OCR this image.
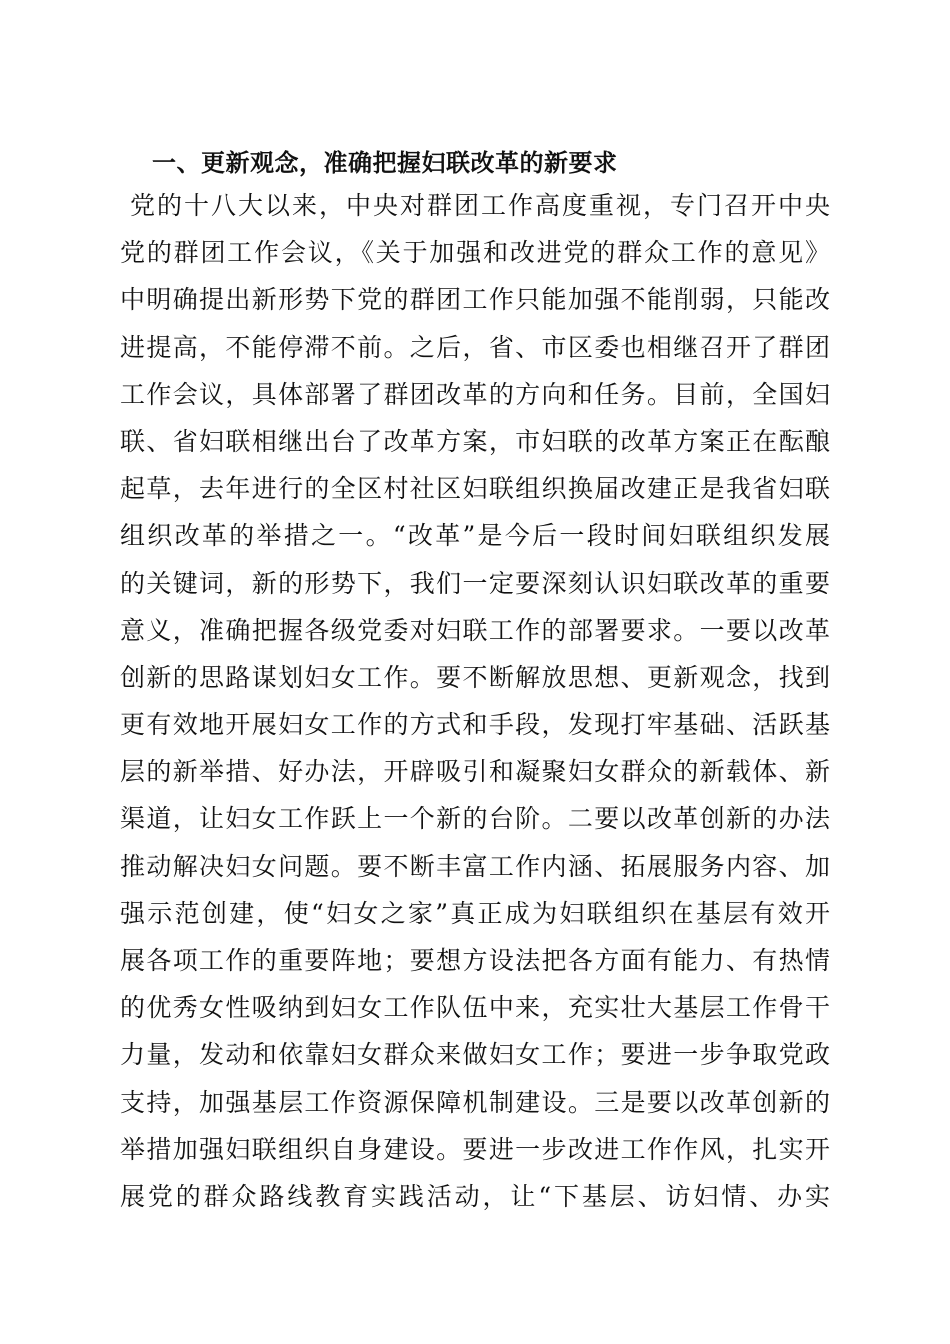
一、更新观念，准确把握妇联改革的新要求
党的十八大以来，中央对群团工作高度重视，专门召开中央
党的群团工作会议，《关于加强和改进党的群众工作的意见》
中明确提出新形势下党的群团工作只能加强不能削弱，只能改
进提高，不能停滞不前。之后，省、市区委也相继召开了群团
工作会议，具体部署了群团改革的方向和任务。目前，全国妇
联、省妇联相继出台了改革方案，市妇联的改革方案正在酝酿
起草，去年进行的全区村社区妇联组织换届改建正是我省妇联
组织改革的举措之一。“改革”是今后一段时间妇联组织发展
的关键词，新的形势下，我们一定要深刻认识妇联改革的重要
意义，准确把握各级党委对妇联工作的部署要求。一要以改革
创新的思路谋划妇女工作。要不断解放思想、更新观念，找到
更有效地开展妇女工作的方式和手段，发现打牢基础、活跃基
层的新举措、好办法，开辟吸引和凝聚妇女群众的新载体、新
渠道，让妇女工作跃上一个新的台阶。二要以改革创新的办法
推动解决妇女问题。要不断丰富工作内涵、拓展服务内容、加
强示范创建，使“妇女之家”真正成为妇联组织在基层有效开
展各项工作的重要阵地；要想方设法把各方面有能力、有热情
的优秀女性吸纳到妇女工作队伍中来，充实壮大基层工作骨干
力量，发动和依靠妇女群众来做妇女工作；要进一步争取党政
支持，加强基层工作资源保障机制建设。三是要以改革创新的
举措加强妇联组织自身建设。要进一步改进工作作风，扎实开
展党的群众路线教育实践活动，让“下基层、访妇情、办实
